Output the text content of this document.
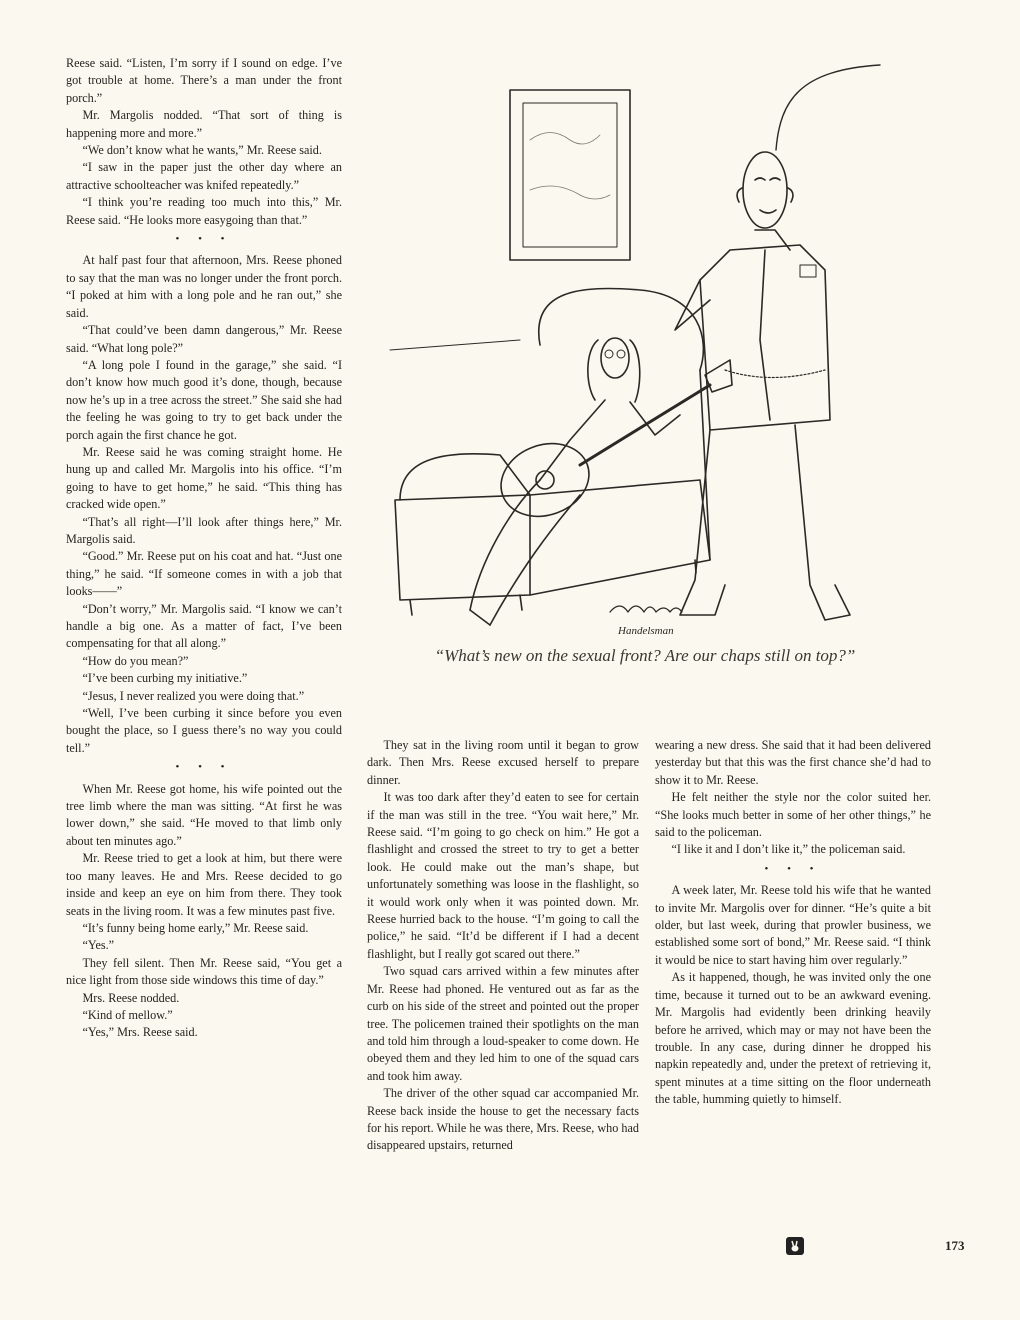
Reese said. “Listen, I’m sorry if I sound on edge. I’ve got trouble at home. There’s a man under the front porch.”

Mr. Margolis nodded. “That sort of thing is happening more and more.”

“We don’t know what he wants,” Mr. Reese said.

“I saw in the paper just the other day where an attractive schoolteacher was knifed repeatedly.”

“I think you’re reading too much into this,” Mr. Reese said. “He looks more easygoing than that.”

• • •

At half past four that afternoon, Mrs. Reese phoned to say that the man was no longer under the front porch. “I poked at him with a long pole and he ran out,” she said.

“That could’ve been damn dangerous,” Mr. Reese said. “What long pole?”

“A long pole I found in the garage,” she said. “I don’t know how much good it’s done, though, because now he’s up in a tree across the street.” She said she had the feeling he was going to try to get back under the porch again the first chance he got.

Mr. Reese said he was coming straight home. He hung up and called Mr. Margolis into his office. “I’m going to have to get home,” he said. “This thing has cracked wide open.”

“That’s all right—I’ll look after things here,” Mr. Margolis said.

“Good.” Mr. Reese put on his coat and hat. “Just one thing,” he said. “If someone comes in with a job that looks——”

“Don’t worry,” Mr. Margolis said. “I know we can’t handle a big one. As a matter of fact, I’ve been compensating for that all along.”

“How do you mean?”

“I’ve been curbing my initiative.”

“Jesus, I never realized you were doing that.”

“Well, I’ve been curbing it since before you even bought the place, so I guess there’s no way you could tell.”

• • •

When Mr. Reese got home, his wife pointed out the tree limb where the man was sitting. “At first he was lower down,” she said. “He moved to that limb only about ten minutes ago.”

Mr. Reese tried to get a look at him, but there were too many leaves. He and Mrs. Reese decided to go inside and keep an eye on him from there. They took seats in the living room. It was a few minutes past five.

“It’s funny being home early,” Mr. Reese said.

“Yes.”

They fell silent. Then Mr. Reese said, “You get a nice light from those side windows this time of day.”

Mrs. Reese nodded.

“Kind of mellow.”

“Yes,” Mrs. Reese said.

They sat in the living room until it began to grow dark. Then Mrs. Reese excused herself to prepare dinner.

It was too dark after they’d eaten to see for certain if the man was still in the tree. “You wait here,” Mr. Reese said. “I’m going to go check on him.” He got a flashlight and crossed the street to try to get a better look. He could make out the man’s shape, but unfortunately something was loose in the flashlight, so it would work only when it was pointed down. Mr. Reese hurried back to the house. “I’m going to call the police,” he said. “It’d be different if I had a decent flashlight, but I really got scared out there.”

Two squad cars arrived within a few minutes after Mr. Reese had phoned. He ventured out as far as the curb on his side of the street and pointed out the proper tree. The policemen trained their spotlights on the man and told him through a loud-speaker to come down. He obeyed them and they led him to one of the squad cars and took him away.

The driver of the other squad car accompanied Mr. Reese back inside the house to get the necessary facts for his report. While he was there, Mrs. Reese, who had disappeared upstairs, returned

wearing a new dress. She said that it had been delivered yesterday but that this was the first chance she’d had to show it to Mr. Reese.

He felt neither the style nor the color suited her. “She looks much better in some of her other things,” he said to the policeman.

“I like it and I don’t like it,” the policeman said.

• • •

A week later, Mr. Reese told his wife that he wanted to invite Mr. Margolis over for dinner. “He’s quite a bit older, but last week, during that prowler business, we established some sort of bond,” Mr. Reese said. “I think it would be nice to start having him over regularly.”

As it happened, though, he was invited only the one time, because it turned out to be an awkward evening. Mr. Margolis had evidently been drinking heavily before he arrived, which may or may not have been the trouble. In any case, during dinner he dropped his napkin repeatedly and, under the pretext of retrieving it, spent minutes at a time sitting on the floor underneath the table, humming quietly to himself.

Handelsman
“What’s new on the sexual front? Are our chaps still on top?”
173
